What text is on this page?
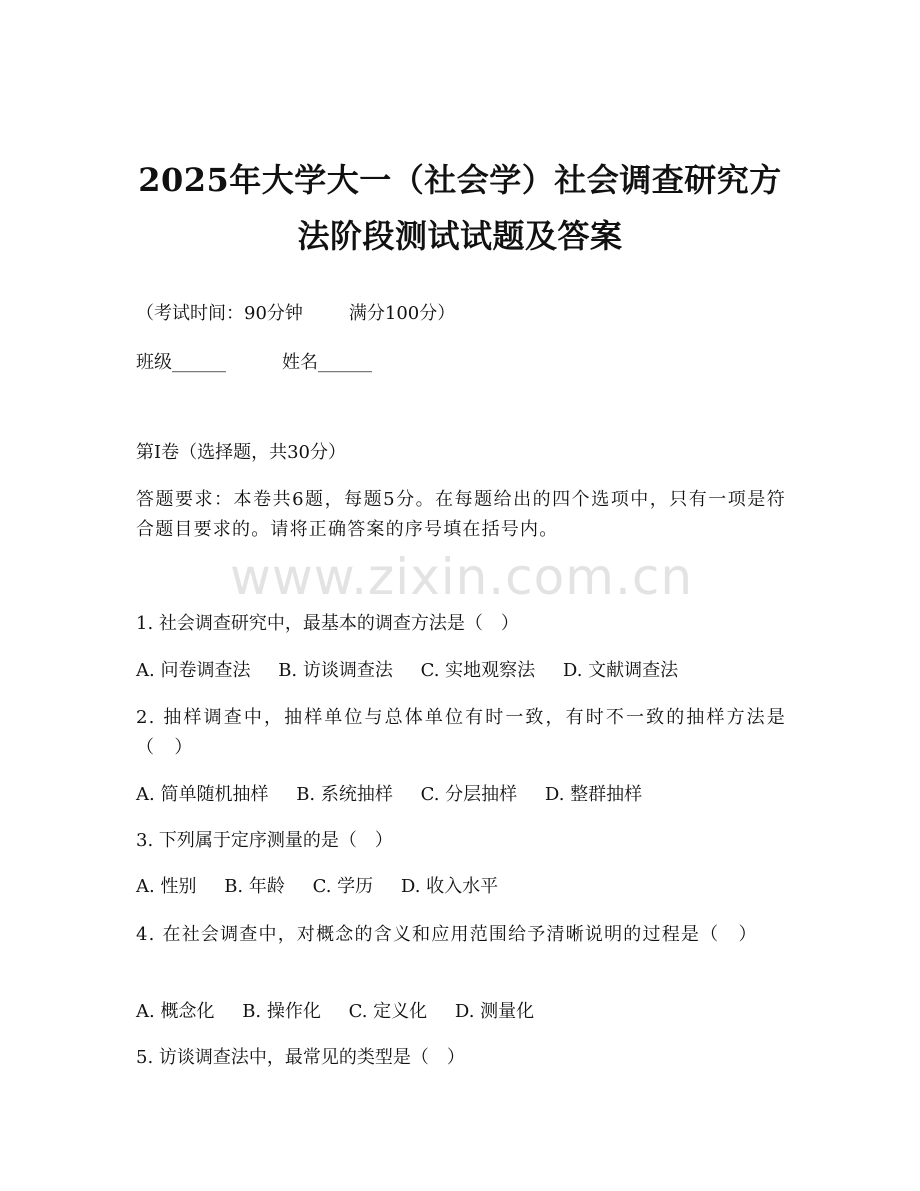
2025年大学大一（社会学）社会调查研究方
法阶段测试试题及答案
（考试时间：90分钟	满分100分）
班级______	姓名______
第I卷（选择题，共30分）
答题要求：本卷共6题，每题5分。在每题给出的四个选项中，只有一项是符合题目要求的。请将正确答案的序号填在括号内。
www.zixin.com.cn
1. 社会调查研究中，最基本的调查方法是（　）
A. 问卷调查法 B. 访谈调查法 C. 实地观察法 D. 文献调查法
2. 抽样调查中，抽样单位与总体单位有时一致，有时不一致的抽样方法是（　）
A. 简单随机抽样 B. 系统抽样 C. 分层抽样 D. 整群抽样
3. 下列属于定序测量的是（　）
A. 性别 B. 年龄 C. 学历 D. 收入水平
4. 在社会调查中，对概念的含义和应用范围给予清晰说明的过程是（　）
A. 概念化 B. 操作化 C. 定义化 D. 测量化
5. 访谈调查法中，最常见的类型是（　）
